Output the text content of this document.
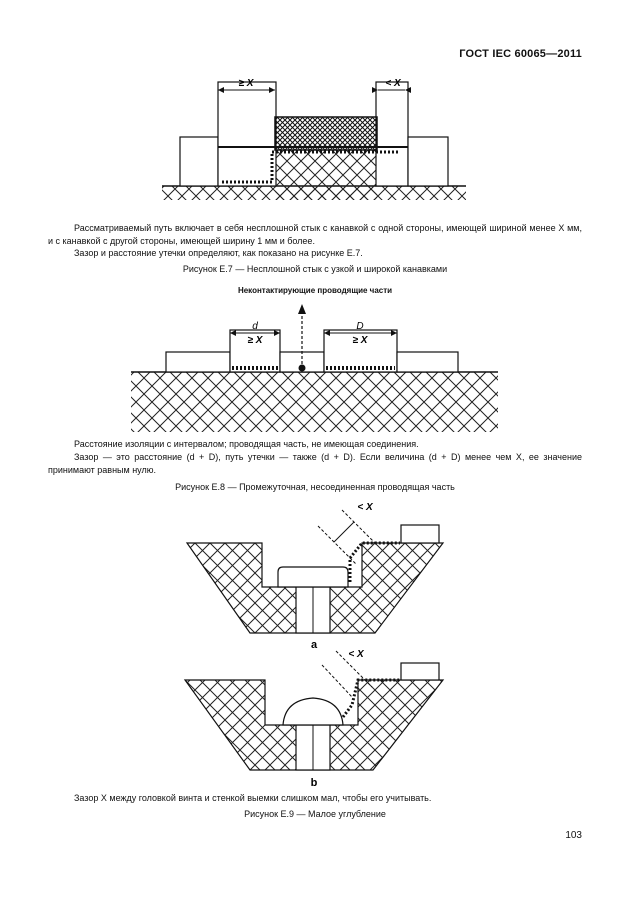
ГОСТ IEC 60065—2011
≥ X	< X
Рассматриваемый путь включает в себя несплошной стык с канавкой с одной стороны, имеющей шириной менее X мм, и с канавкой с другой стороны, имеющей ширину 1 мм и более.
Зазор и расстояние утечки определяют, как показано на рисунке Е.7.
Рисунок Е.7 — Несплошной стык с узкой и широкой канавками
Неконтактирующие проводящие части
d
≥ X
D
≥ X
Расстояние изоляции с интервалом; проводящая часть, не имеющая соединения.
Зазор — это расстояние (d + D), путь утечки — также (d + D). Если величина (d + D) менее чем X, ее значение принимают равным нулю.
Рисунок Е.8 — Промежуточная, несоединенная проводящая часть
< X
a
< X
b
Зазор X между головкой винта и стенкой выемки слишком мал, чтобы его учитывать.
Рисунок Е.9 — Малое углубление
103
